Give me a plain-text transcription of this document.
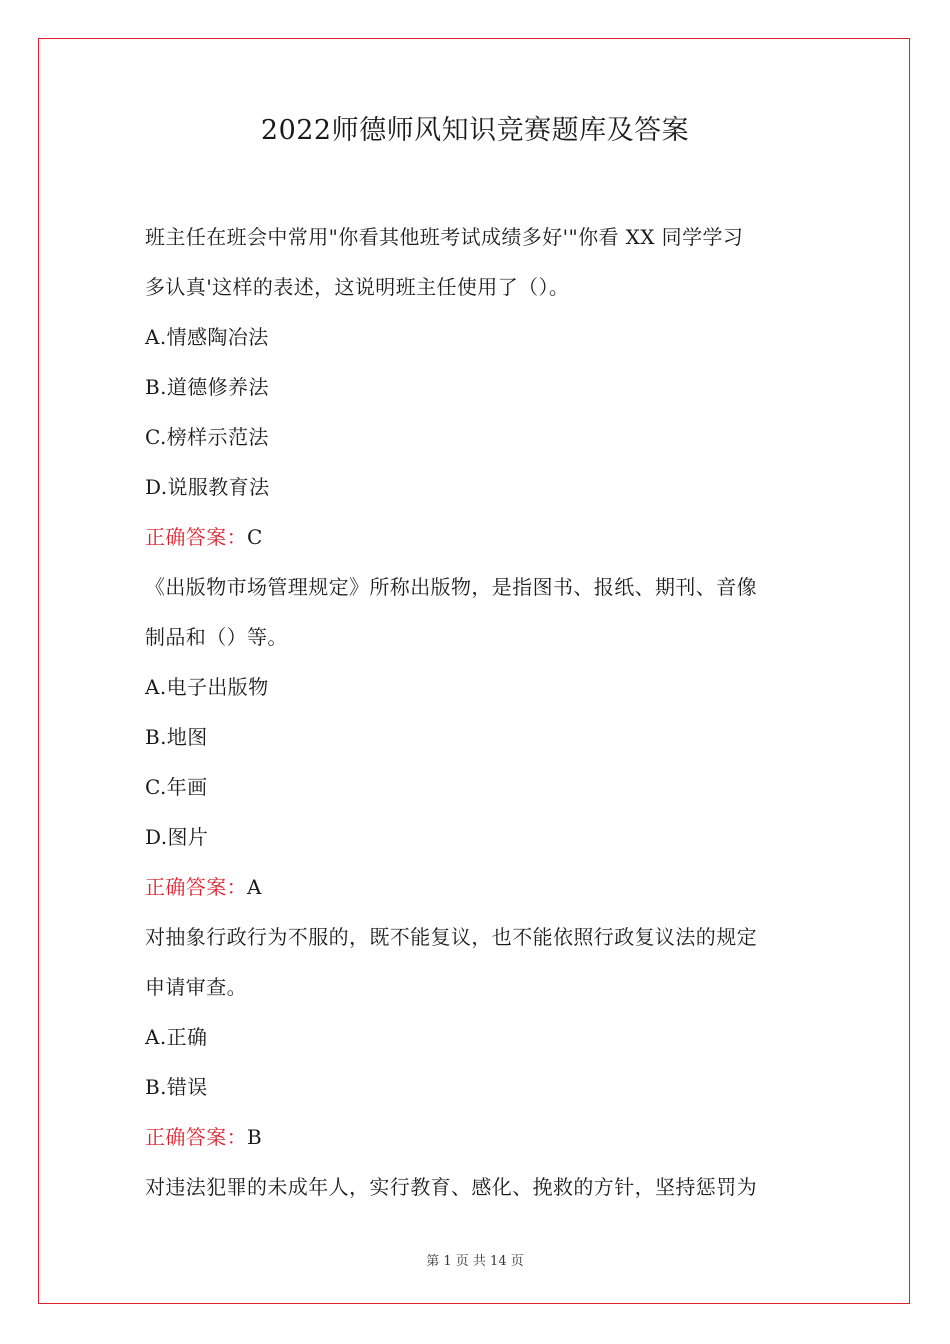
2022师德师风知识竞赛题库及答案
班主任在班会中常用"你看其他班考试成绩多好'"你看 XX 同学学习
多认真'这样的表述，这说明班主任使用了（）。
A.情感陶冶法
B.道德修养法
C.榜样示范法
D.说服教育法
正确答案：C
《出版物市场管理规定》所称出版物，是指图书、报纸、期刊、音像
制品和（）等。
A.电子出版物
B.地图
C.年画
D.图片
正确答案：A
对抽象行政行为不服的，既不能复议，也不能依照行政复议法的规定
申请审查。
A.正确
B.错误
正确答案：B
对违法犯罪的未成年人，实行教育、感化、挽救的方针，坚持惩罚为
第 1 页 共 14 页
